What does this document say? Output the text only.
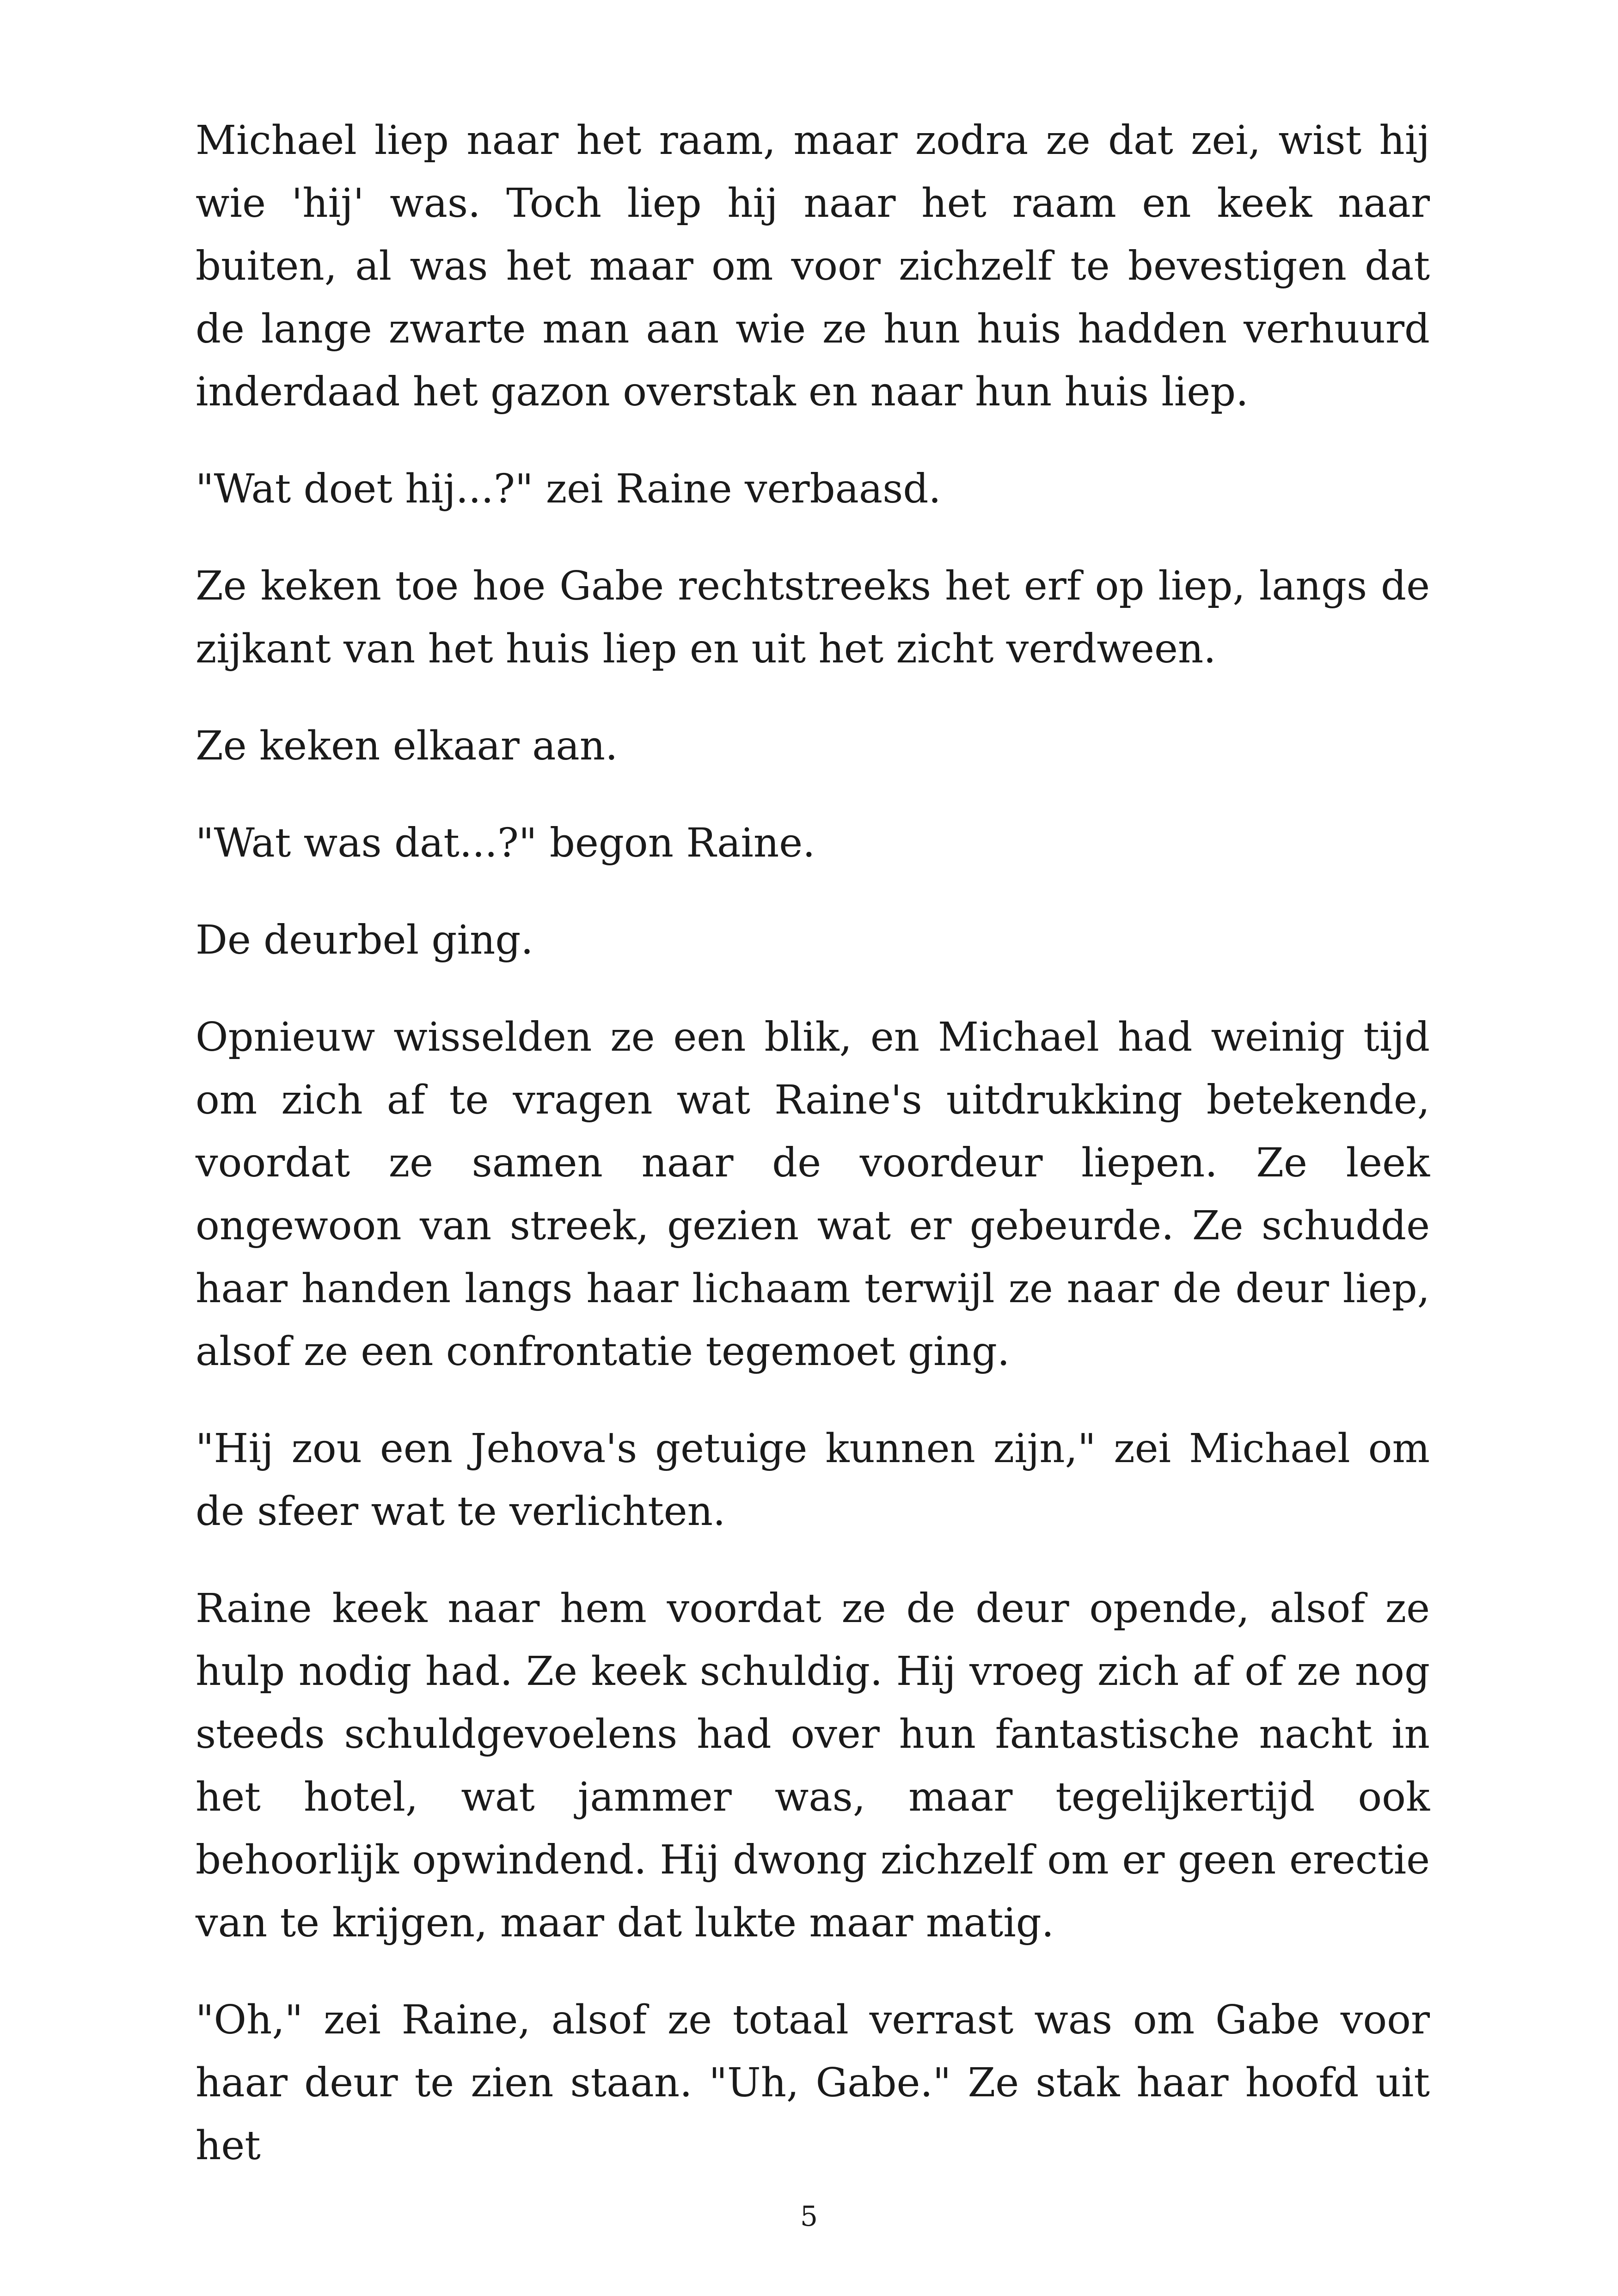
Michael liep naar het raam, maar zodra ze dat zei, wist hij wie 'hij' was. Toch liep hij naar het raam en keek naar buiten, al was het maar om voor zichzelf te bevestigen dat de lange zwarte man aan wie ze hun huis hadden verhuurd inderdaad het gazon overstak en naar hun huis liep.

"Wat doet hij...?" zei Raine verbaasd.

Ze keken toe hoe Gabe rechtstreeks het erf op liep, langs de zijkant van het huis liep en uit het zicht verdween.

Ze keken elkaar aan.

"Wat was dat...?" begon Raine.

De deurbel ging.

Opnieuw wisselden ze een blik, en Michael had weinig tijd om zich af te vragen wat Raine's uitdrukking betekende, voordat ze samen naar de voordeur liepen. Ze leek ongewoon van streek, gezien wat er gebeurde. Ze schudde haar handen langs haar lichaam terwijl ze naar de deur liep, alsof ze een confrontatie tegemoet ging.

"Hij zou een Jehova's getuige kunnen zijn," zei Michael om de sfeer wat te verlichten.

Raine keek naar hem voordat ze de deur opende, alsof ze hulp nodig had. Ze keek schuldig. Hij vroeg zich af of ze nog steeds schuldgevoelens had over hun fantastische nacht in het hotel, wat jammer was, maar tegelijkertijd ook behoorlijk opwindend. Hij dwong zichzelf om er geen erectie van te krijgen, maar dat lukte maar matig.

"Oh," zei Raine, alsof ze totaal verrast was om Gabe voor haar deur te zien staan. "Uh, Gabe." Ze stak haar hoofd uit het

5
